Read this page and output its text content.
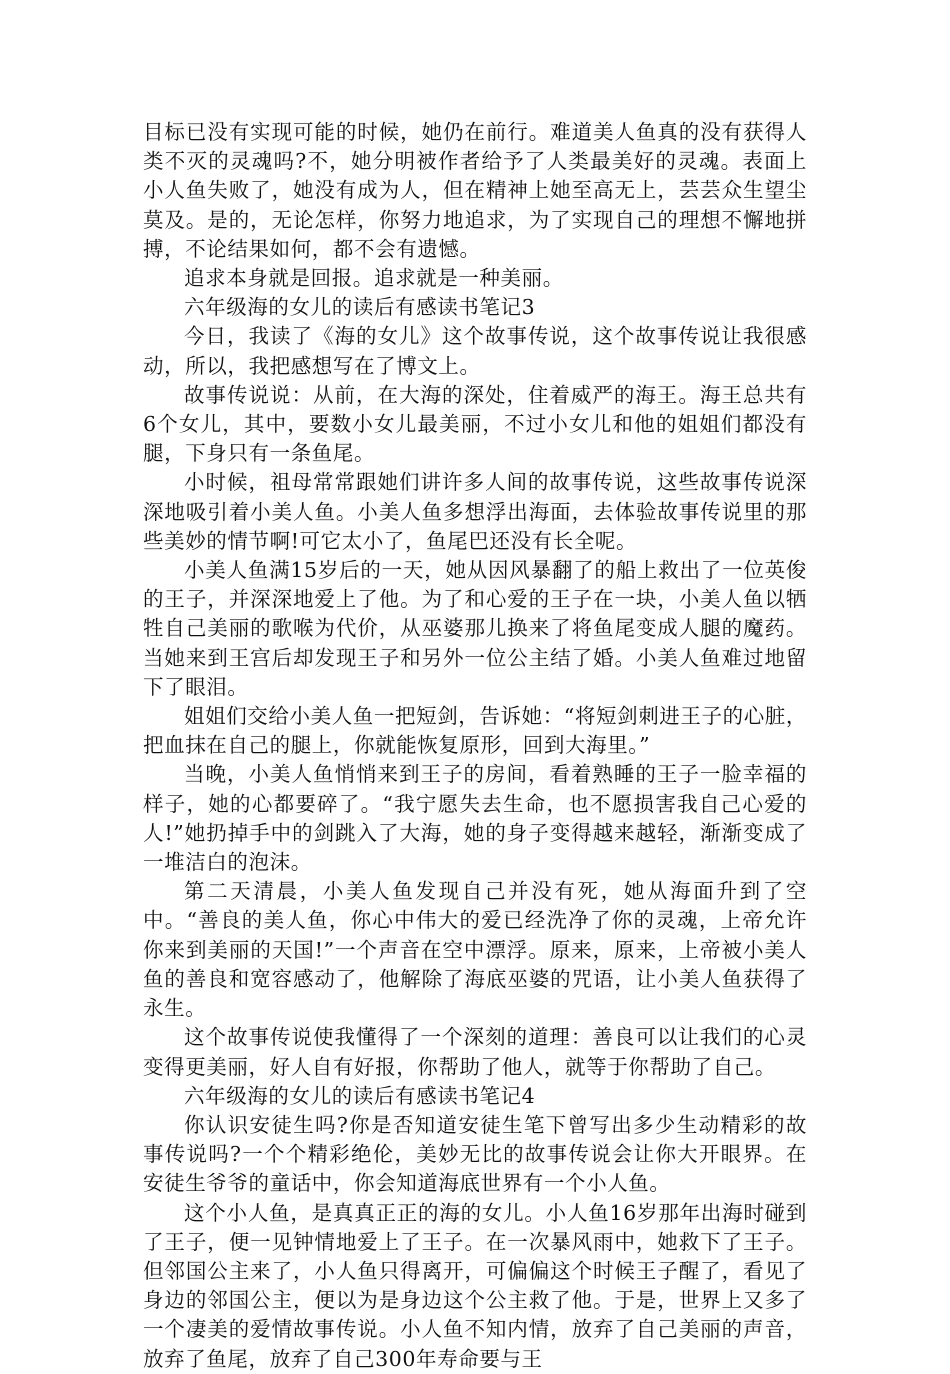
目标已没有实现可能的时候，她仍在前行。难道美人鱼真的没有获得人类不灭的灵魂吗?不，她分明被作者给予了人类最美好的灵魂。表面上小人鱼失败了，她没有成为人，但在精神上她至高无上，芸芸众生望尘莫及。是的，无论怎样，你努力地追求，为了实现自己的理想不懈地拼搏，不论结果如何，都不会有遗憾。

追求本身就是回报。追求就是一种美丽。

六年级海的女儿的读后有感读书笔记3

今日，我读了《海的女儿》这个故事传说，这个故事传说让我很感动，所以，我把感想写在了博文上。

故事传说说：从前，在大海的深处，住着威严的海王。海王总共有6个女儿，其中，要数小女儿最美丽，不过小女儿和他的姐姐们都没有腿，下身只有一条鱼尾。

小时候，祖母常常跟她们讲许多人间的故事传说，这些故事传说深深地吸引着小美人鱼。小美人鱼多想浮出海面，去体验故事传说里的那些美妙的情节啊!可它太小了，鱼尾巴还没有长全呢。

小美人鱼满15岁后的一天，她从因风暴翻了的船上救出了一位英俊的王子，并深深地爱上了他。为了和心爱的王子在一块，小美人鱼以牺牲自己美丽的歌喉为代价，从巫婆那儿换来了将鱼尾变成人腿的魔药。当她来到王宫后却发现王子和另外一位公主结了婚。小美人鱼难过地留下了眼泪。

姐姐们交给小美人鱼一把短剑，告诉她：“将短剑刺进王子的心脏，把血抹在自己的腿上，你就能恢复原形，回到大海里。”

当晚，小美人鱼悄悄来到王子的房间，看着熟睡的王子一脸幸福的样子，她的心都要碎了。“我宁愿失去生命，也不愿损害我自己心爱的人!”她扔掉手中的剑跳入了大海，她的身子变得越来越轻，渐渐变成了一堆洁白的泡沫。

第二天清晨，小美人鱼发现自己并没有死，她从海面升到了空中。“善良的美人鱼，你心中伟大的爱已经洗净了你的灵魂，上帝允许你来到美丽的天国!”一个声音在空中漂浮。原来，原来，上帝被小美人鱼的善良和宽容感动了，他解除了海底巫婆的咒语，让小美人鱼获得了永生。

这个故事传说使我懂得了一个深刻的道理：善良可以让我们的心灵变得更美丽，好人自有好报，你帮助了他人，就等于你帮助了自己。

六年级海的女儿的读后有感读书笔记4

你认识安徒生吗?你是否知道安徒生笔下曾写出多少生动精彩的故事传说吗?一个个精彩绝伦，美妙无比的故事传说会让你大开眼界。在安徒生爷爷的童话中，你会知道海底世界有一个小人鱼。

这个小人鱼，是真真正正的海的女儿。小人鱼16岁那年出海时碰到了王子，便一见钟情地爱上了王子。在一次暴风雨中，她救下了王子。但邻国公主来了，小人鱼只得离开，可偏偏这个时候王子醒了，看见了身边的邻国公主，便以为是身边这个公主救了他。于是，世界上又多了一个凄美的爱情故事传说。小人鱼不知内情，放弃了自己美丽的声音，放弃了鱼尾，放弃了自己300年寿命要与王
